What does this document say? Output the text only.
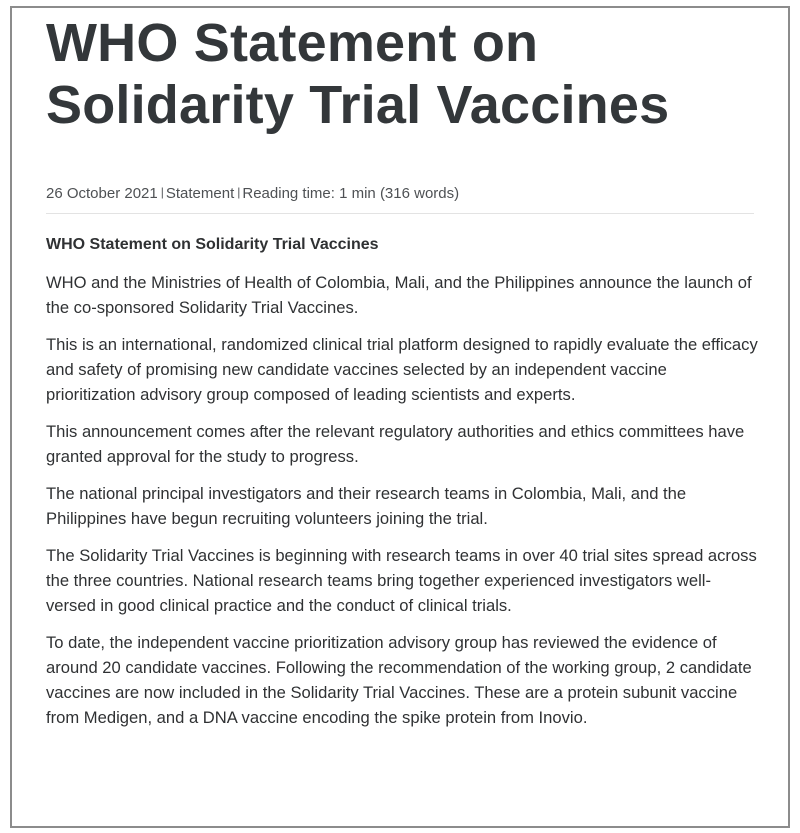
WHO Statement on Solidarity Trial Vaccines
26 October 2021 | Statement | Reading time: 1 min (316 words)
WHO Statement on Solidarity Trial Vaccines

WHO and the Ministries of Health of Colombia, Mali, and the Philippines announce the launch of the co-sponsored Solidarity Trial Vaccines.

This is an international, randomized clinical trial platform designed to rapidly evaluate the efficacy and safety of promising new candidate vaccines selected by an independent vaccine prioritization advisory group composed of leading scientists and experts.

This announcement comes after the relevant regulatory authorities and ethics committees have granted approval for the study to progress.

The national principal investigators and their research teams in Colombia, Mali, and the Philippines have begun recruiting volunteers joining the trial.

The Solidarity Trial Vaccines is beginning with research teams in over 40 trial sites spread across the three countries. National research teams bring together experienced investigators well-versed in good clinical practice and the conduct of clinical trials.

To date, the independent vaccine prioritization advisory group has reviewed the evidence of around 20 candidate vaccines. Following the recommendation of the working group, 2 candidate vaccines are now included in the Solidarity Trial Vaccines. These are a protein subunit vaccine from Medigen, and a DNA vaccine encoding the spike protein from Inovio.
